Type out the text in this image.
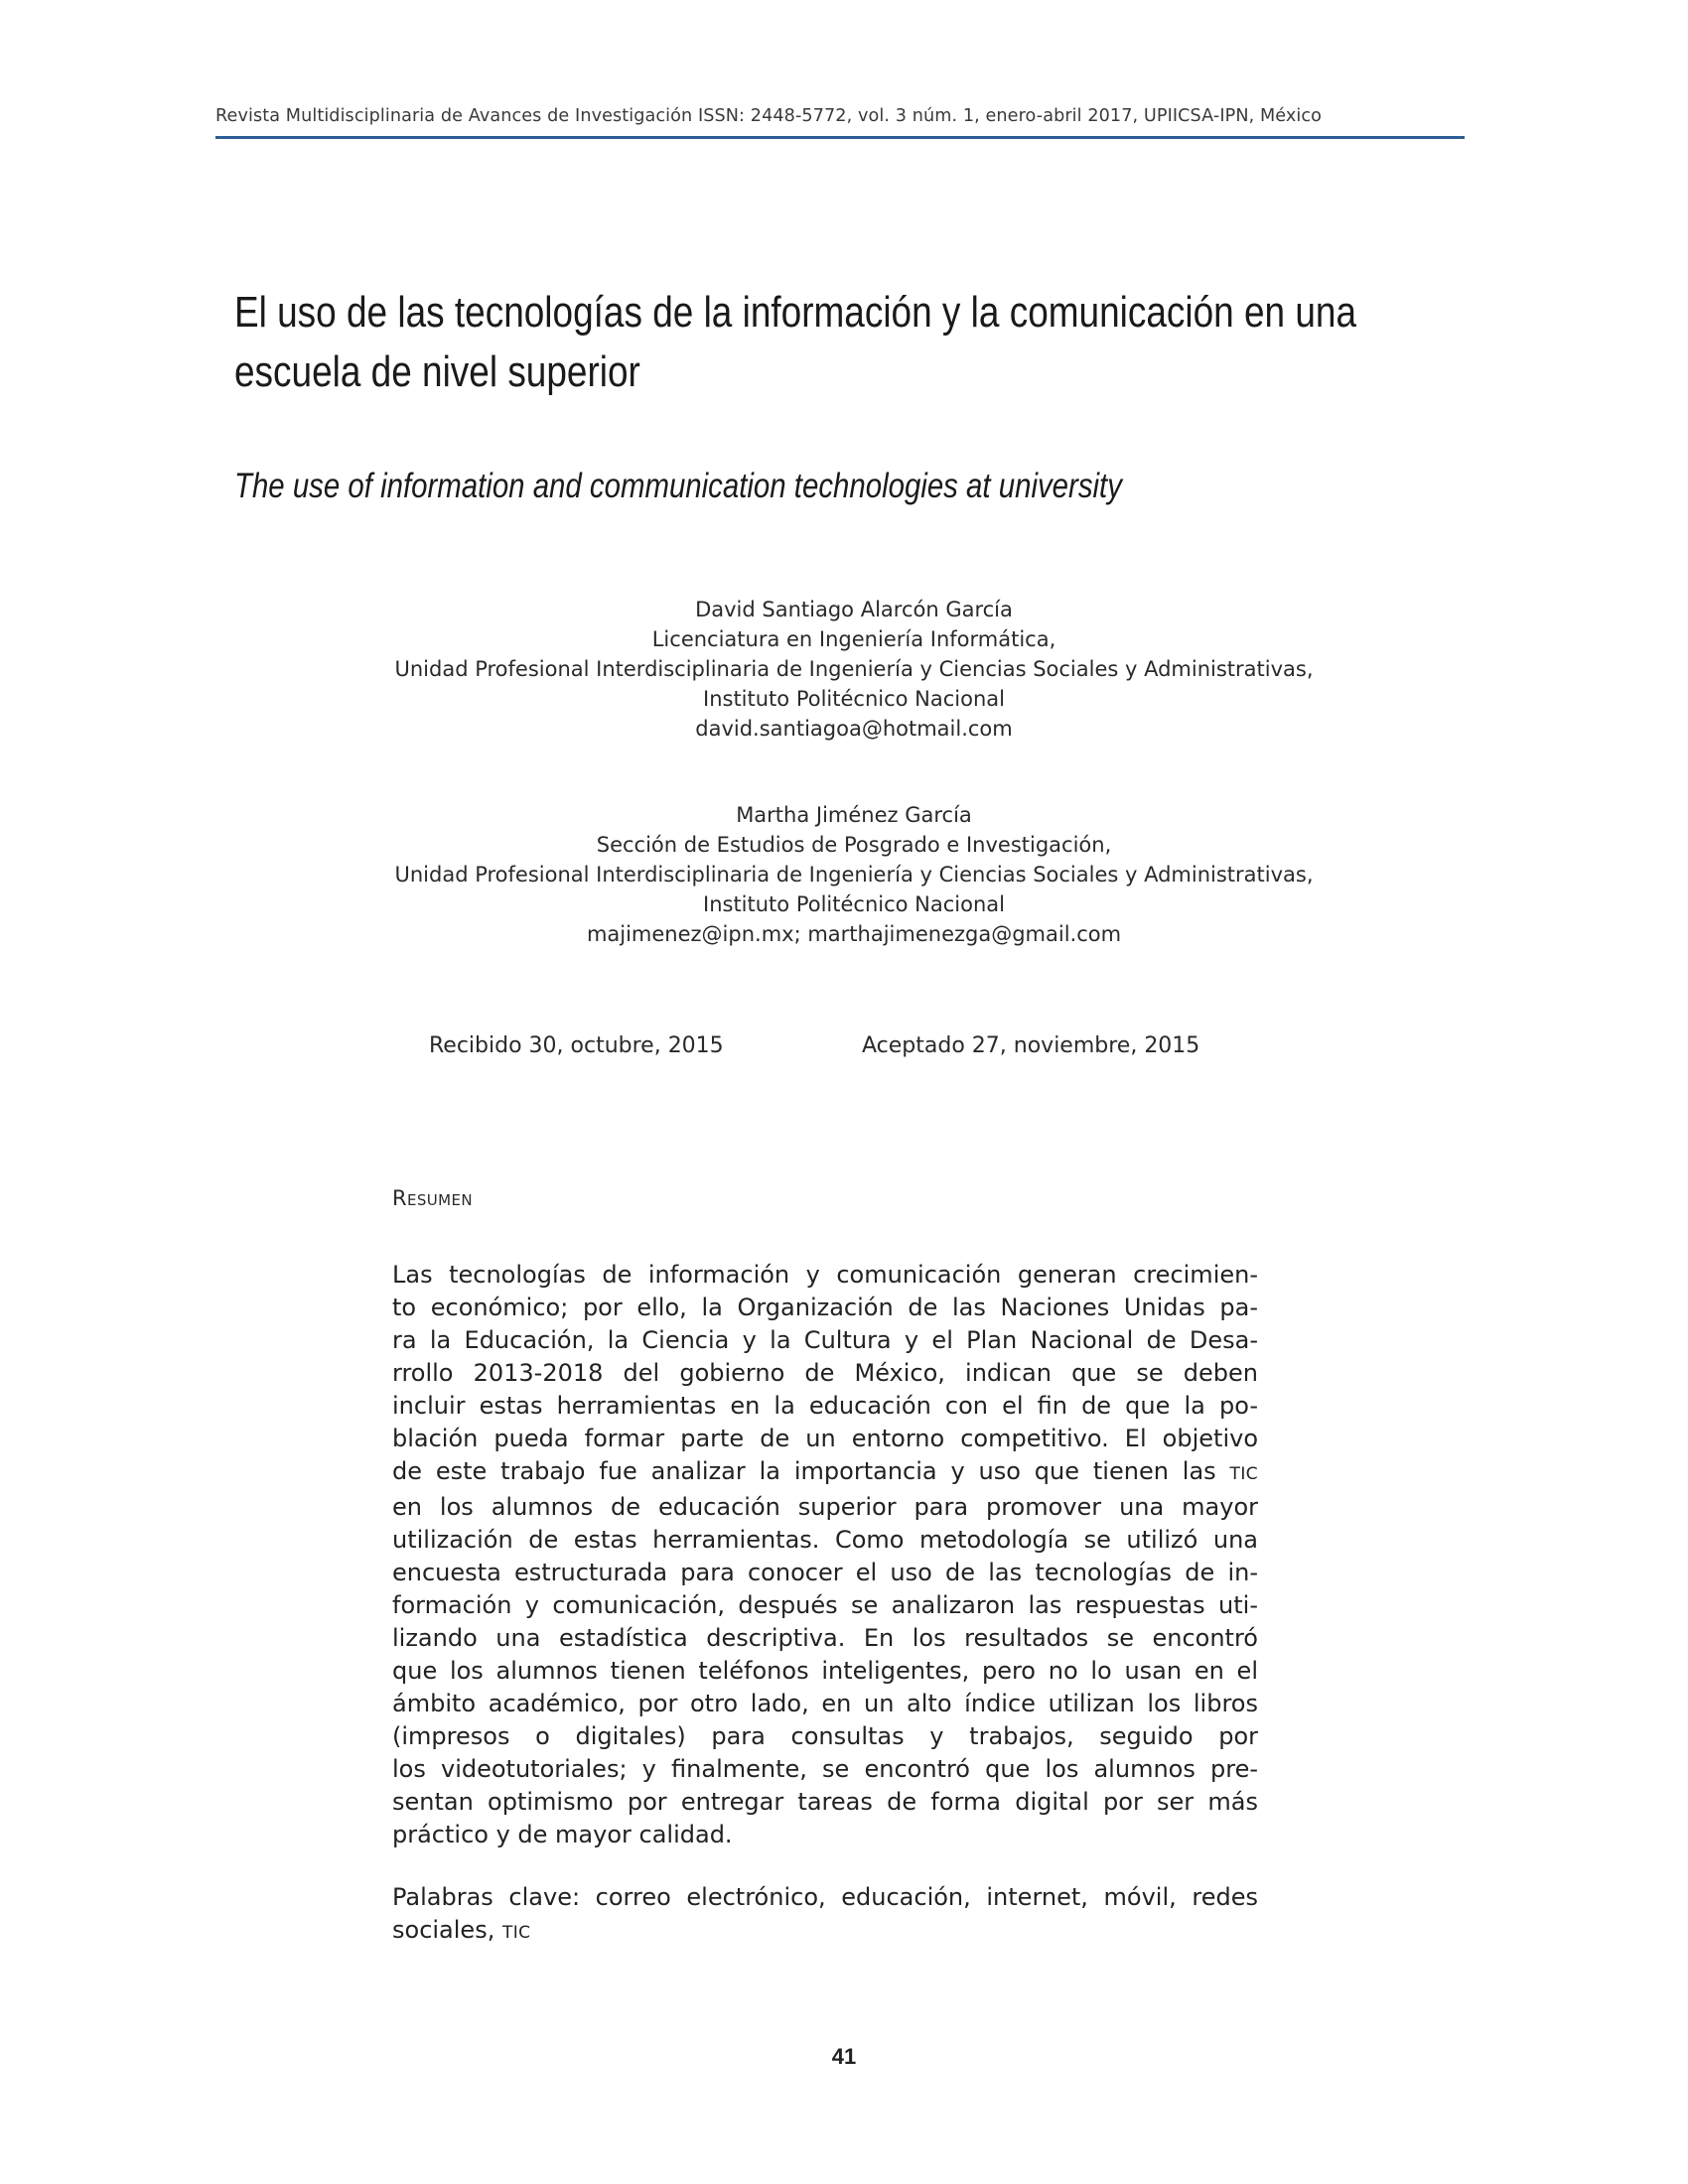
Revista Multidisciplinaria de Avances de Investigación ISSN: 2448-5772, vol. 3 núm. 1, enero-abril 2017, UPIICSA-IPN, México
El uso de las tecnologías de la información y la comunicación en una
escuela de nivel superior
The use of information and communication technologies at university
David Santiago Alarcón García
Licenciatura en Ingeniería Informática,
Unidad Profesional Interdisciplinaria de Ingeniería y Ciencias Sociales y Administrativas,
Instituto Politécnico Nacional
david.santiagoa@hotmail.com
Martha Jiménez García
Sección de Estudios de Posgrado e Investigación,
Unidad Profesional Interdisciplinaria de Ingeniería y Ciencias Sociales y Administrativas,
Instituto Politécnico Nacional
majimenez@ipn.mx; marthajimenezga@gmail.com
Recibido 30, octubre, 2015	Aceptado 27, noviembre, 2015
Resumen
Las tecnologías de información y comunicación generan crecimien-
to económico; por ello, la Organización de las Naciones Unidas pa-
ra la Educación, la Ciencia y la Cultura y el Plan Nacional de Desa-
rrollo 2013-2018 del gobierno de México, indican que se deben
incluir estas herramientas en la educación con el fin de que la po-
blación pueda formar parte de un entorno competitivo. El objetivo
de este trabajo fue analizar la importancia y uso que tienen las TIC
en los alumnos de educación superior para promover una mayor
utilización de estas herramientas. Como metodología se utilizó una
encuesta estructurada para conocer el uso de las tecnologías de in-
formación y comunicación, después se analizaron las respuestas uti-
lizando una estadística descriptiva. En los resultados se encontró
que los alumnos tienen teléfonos inteligentes, pero no lo usan en el
ámbito académico, por otro lado, en un alto índice utilizan los libros
(impresos o digitales) para consultas y trabajos, seguido por
los videotutoriales; y finalmente, se encontró que los alumnos pre-
sentan optimismo por entregar tareas de forma digital por ser más
práctico y de mayor calidad.
Palabras clave: correo electrónico, educación, internet, móvil, redes
sociales, TIC
41
